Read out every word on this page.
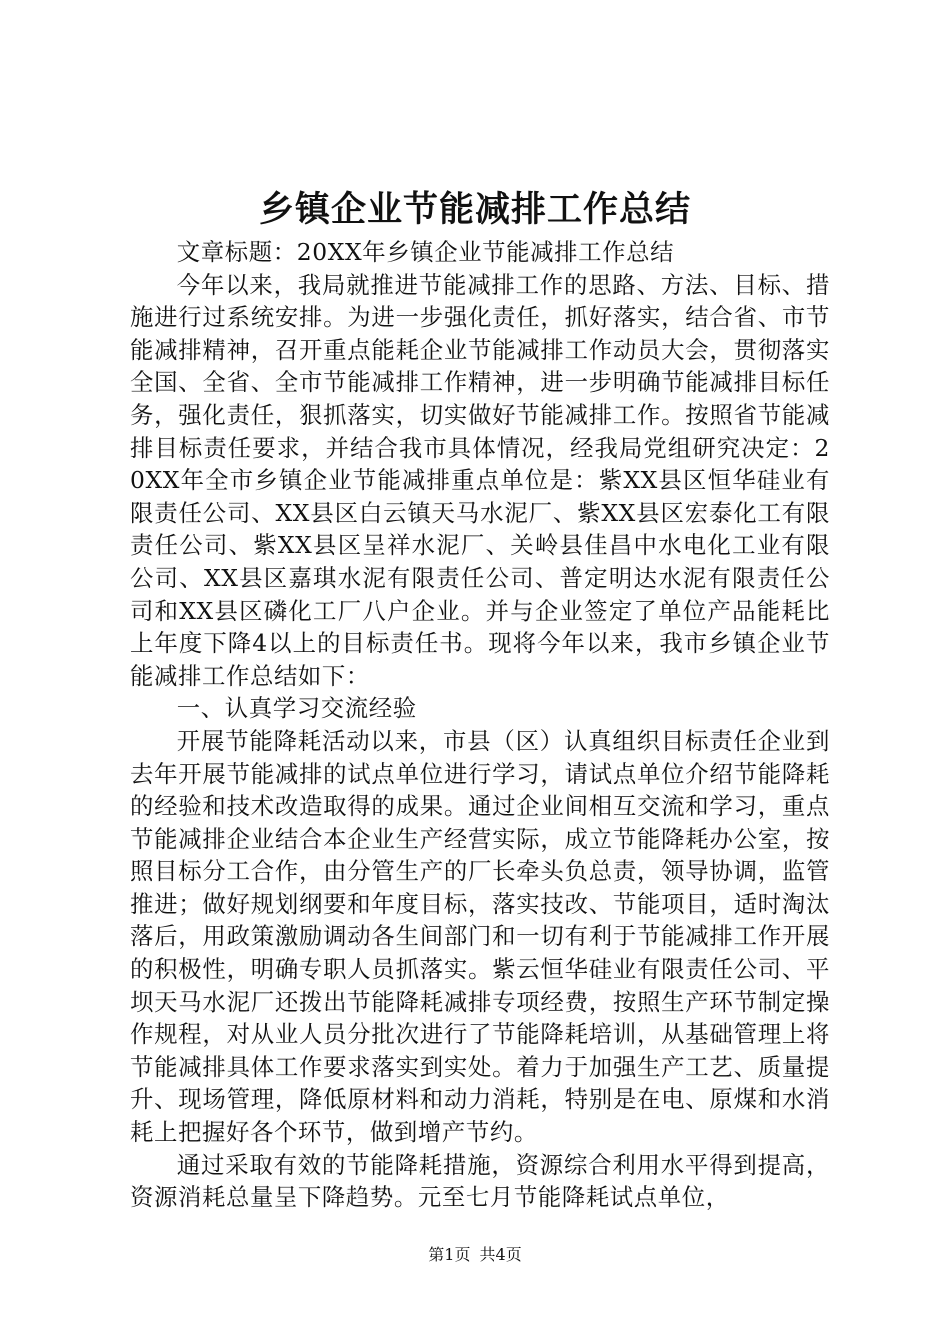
乡镇企业节能减排工作总结

文章标题：20XX年乡镇企业节能减排工作总结

今年以来，我局就推进节能减排工作的思路、方法、目标、措施进行过系统安排。为进一步强化责任，抓好落实，结合省、市节能减排精神，召开重点能耗企业节能减排工作动员大会，贯彻落实全国、全省、全市节能减排工作精神，进一步明确节能减排目标任务，强化责任，狠抓落实，切实做好节能减排工作。按照省节能减排目标责任要求，并结合我市具体情况，经我局党组研究决定：20XX年全市乡镇企业节能减排重点单位是：紫XX县区恒华硅业有限责任公司、XX县区白云镇天马水泥厂、紫XX县区宏泰化工有限责任公司、紫XX县区呈祥水泥厂、关岭县佳昌中水电化工业有限公司、XX县区嘉琪水泥有限责任公司、普定明达水泥有限责任公司和XX县区磷化工厂八户企业。并与企业签定了单位产品能耗比上年度下降4以上的目标责任书。现将今年以来，我市乡镇企业节能减排工作总结如下：

一、认真学习交流经验

开展节能降耗活动以来，市县（区）认真组织目标责任企业到去年开展节能减排的试点单位进行学习，请试点单位介绍节能降耗的经验和技术改造取得的成果。通过企业间相互交流和学习，重点节能减排企业结合本企业生产经营实际，成立节能降耗办公室，按照目标分工合作，由分管生产的厂长牵头负总责，领导协调，监管推进；做好规划纲要和年度目标，落实技改、节能项目，适时淘汰落后，用政策激励调动各生间部门和一切有利于节能减排工作开展的积极性，明确专职人员抓落实。紫云恒华硅业有限责任公司、平坝天马水泥厂还拨出节能降耗减排专项经费，按照生产环节制定操作规程，对从业人员分批次进行了节能降耗培训，从基础管理上将节能减排具体工作要求落实到实处。着力于加强生产工艺、质量提升、现场管理，降低原材料和动力消耗，特别是在电、原煤和水消耗上把握好各个环节，做到增产节约。

通过采取有效的节能降耗措施，资源综合利用水平得到提高，资源消耗总量呈下降趋势。元至七月节能降耗试点单位，

第1页 共4页
